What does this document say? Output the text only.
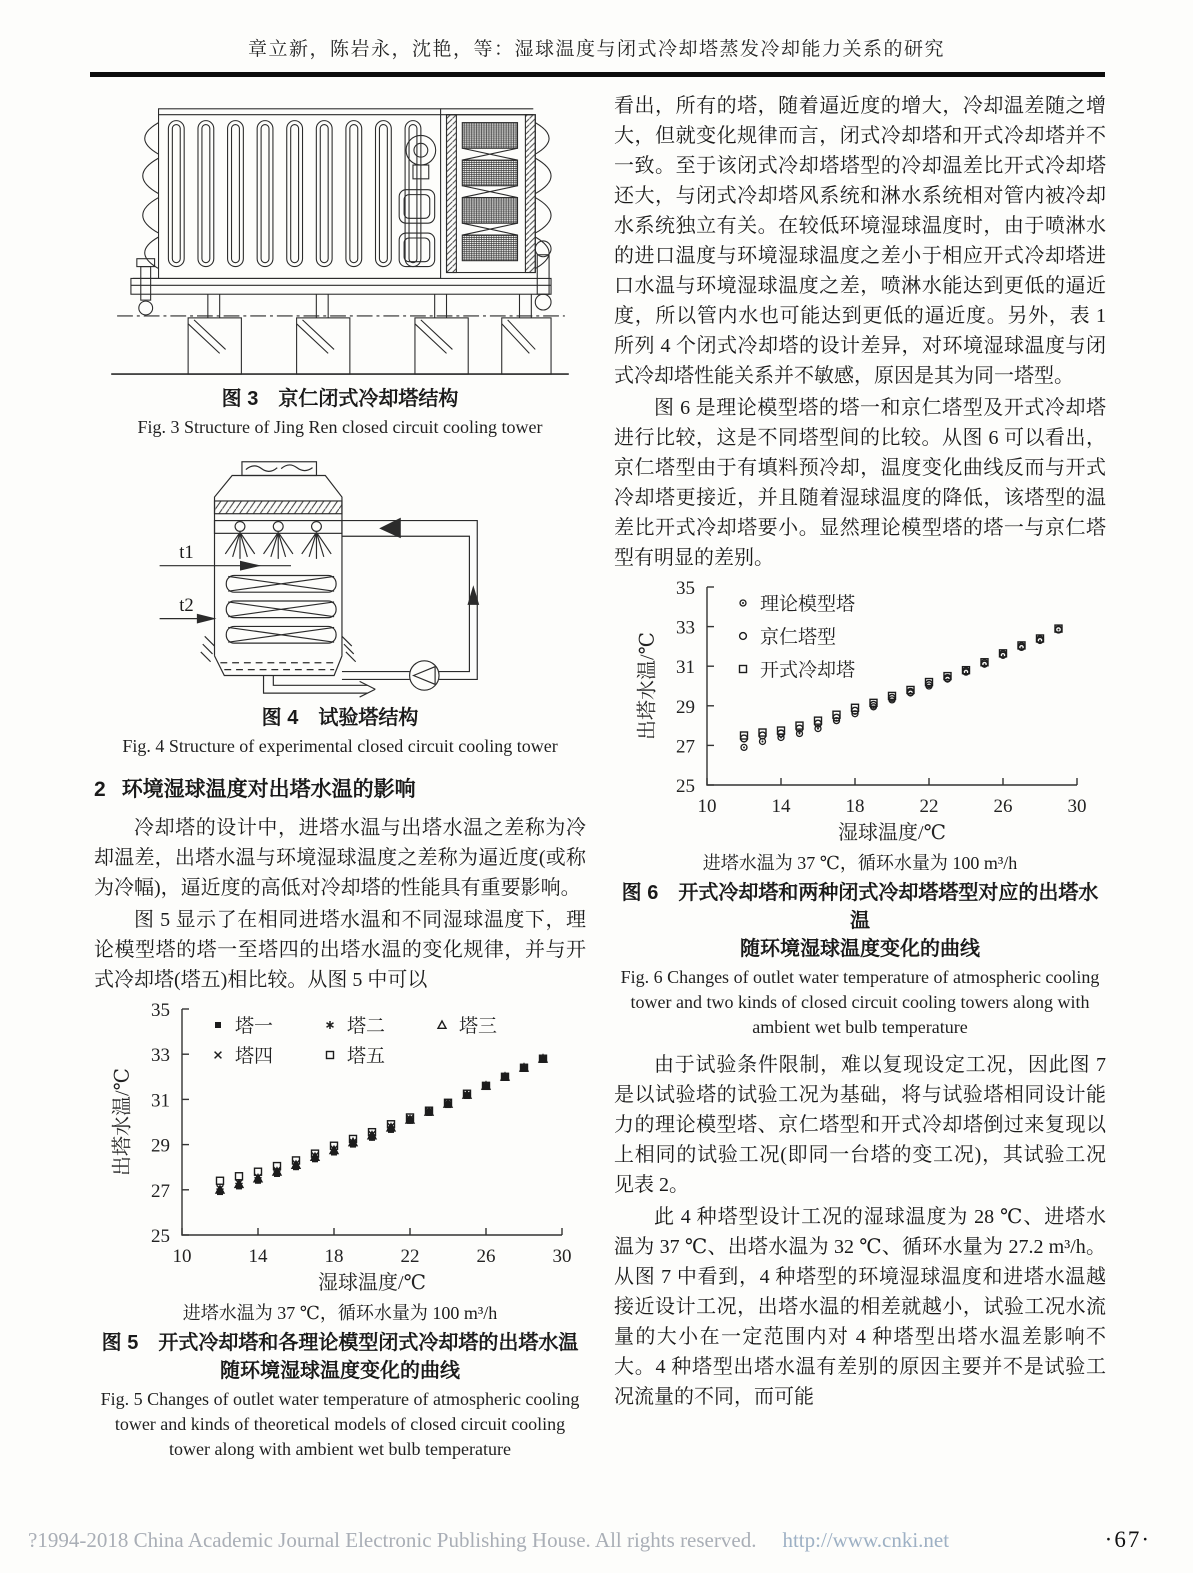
章立新，陈岩永，沈艳，等：湿球温度与闭式冷却塔蒸发冷却能力关系的研究
图 3　京仁闭式冷却塔结构
Fig. 3 Structure of Jing Ren closed circuit cooling tower
t1
t2
图 4　试验塔结构
Fig. 4 Structure of experimental closed circuit cooling tower
2 环境湿球温度对出塔水温的影响

冷却塔的设计中，进塔水温与出塔水温之差称为冷却温差，出塔水温与环境湿球温度之差称为逼近度(或称为冷幅)，逼近度的高低对冷却塔的性能具有重要影响。

图 5 显示了在相同进塔水温和不同湿球温度下，理论模型塔的塔一至塔四的出塔水温的变化规律，并与开式冷却塔(塔五)相比较。从图 5 中可以

10	14	18	22	26	30
25
27
29
31
33
35
湿球温度/℃
出塔水温/℃
塔一	塔二	塔三
塔四	塔五
进塔水温为 37 ℃，循环水量为 100 m³/h
图 5　开式冷却塔和各理论模型闭式冷却塔的出塔水温
随环境湿球温度变化的曲线
Fig. 5 Changes of outlet water temperature of atmospheric cooling tower and kinds of theoretical models of closed circuit cooling tower along with ambient wet bulb temperature

看出，所有的塔，随着逼近度的增大，冷却温差随之增大，但就变化规律而言，闭式冷却塔和开式冷却塔并不一致。至于该闭式冷却塔塔型的冷却温差比开式冷却塔还大，与闭式冷却塔风系统和淋水系统相对管内被冷却水系统独立有关。在较低环境湿球温度时，由于喷淋水的进口温度与环境湿球温度之差小于相应开式冷却塔进口水温与环境湿球温度之差，喷淋水能达到更低的逼近度，所以管内水也可能达到更低的逼近度。另外，表 1 所列 4 个闭式冷却塔的设计差异，对环境湿球温度与闭式冷却塔性能关系并不敏感，原因是其为同一塔型。

图 6 是理论模型塔的塔一和京仁塔型及开式冷却塔进行比较，这是不同塔型间的比较。从图 6 可以看出，京仁塔型由于有填料预冷却，温度变化曲线反而与开式冷却塔更接近，并且随着湿球温度的降低，该塔型的温差比开式冷却塔要小。显然理论模型塔的塔一与京仁塔型有明显的差别。

10	14	18	22	26	30
25
27
29
31
33
35
湿球温度/℃
出塔水温/℃
理论模型塔
京仁塔型
开式冷却塔
进塔水温为 37 ℃，循环水量为 100 m³/h
图 6　开式冷却塔和两种闭式冷却塔塔型对应的出塔水温
随环境湿球温度变化的曲线
Fig. 6 Changes of outlet water temperature of atmospheric cooling tower and two kinds of closed circuit cooling towers along with ambient wet bulb temperature

由于试验条件限制，难以复现设定工况，因此图 7 是以试验塔的试验工况为基础，将与试验塔相同设计能力的理论模型塔、京仁塔型和开式冷却塔倒过来复现以上相同的试验工况(即同一台塔的变工况)，其试验工况见表 2。

此 4 种塔型设计工况的湿球温度为 28 ℃、进塔水温为 37 ℃、出塔水温为 32 ℃、循环水量为 27.2 m³/h。从图 7 中看到，4 种塔型的环境湿球温度和进塔水温越接近设计工况，出塔水温的相差就越小，试验工况水流量的大小在一定范围内对 4 种塔型出塔水温差影响不大。4 种塔型出塔水温有差别的原因主要并不是试验工况流量的不同，而可能

?1994-2018 China Academic Journal Electronic Publishing House. All rights reserved. http://www.cnki.net	·67·
